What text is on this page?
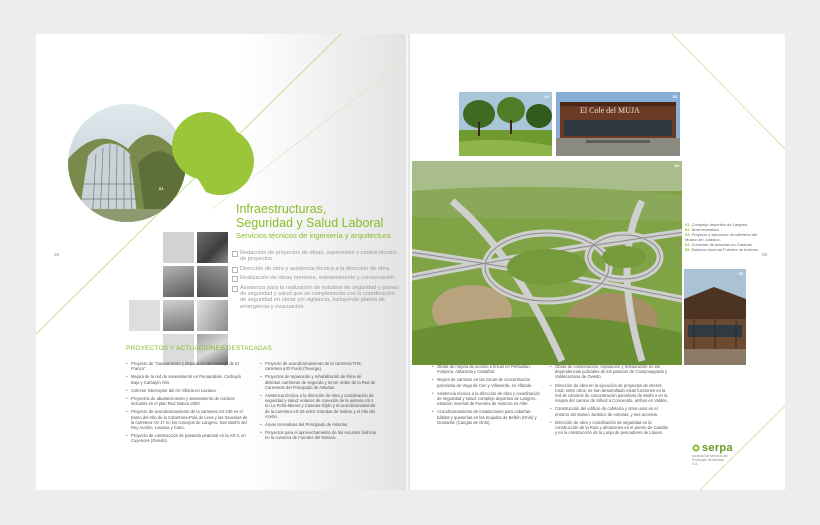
01
Infraestructuras,
Seguridad y Salud Laboral
Servicios técnicos de ingeniería y arquitectura
Redacción de proyectos de obras, supervisión y control técnico de proyectos.
Dirección de obra y asistencia técnica a la dirección de obra.
Realización de obras menores, mantenimiento y conservación.
Asistencia para la realización de estudios de seguridad y planes de seguridad y salud que se complementa con la coordinación de seguridad en obras y/o vigilancia, incluyendo planes de emergencia y evacuación.
04
PROYECTOS Y ACTUACIONES DESTACADAS
• Proyecto de "Saneamiento y depuración del concejo de El Franco".
• Mejora de la red de saneamiento en Pumarabule, Carbayín Bajo y Carbayín Alto.
• Colector interceptor del río Villoria en Laviana.
• Proyectos de abastecimiento y saneamiento de núcleos incluidos en el plan Red Natura 2000.
• Proyecto de acondicionamiento de la carretera AS-230 en el tramo del Alto de la Cobertoria-Pola de Lena y las travesías de la carretera AS-17 en los concejos de Langreo, San Martín del Rey Aurelio, Laviana y Caso.
• Proyecto de construcción de pasarela peatonal en la AS-II, en Cuyences (Oviedo).
• Proyecto de acondicionamiento de la carretera TH6, carretera a El Puelo (Teverga).
• Proyectos de reparación y rehabilitación de firme de distintas carreteras de segundo y tercer orden de la Red de Carreteras del Principado de Asturias.
• Asistencia técnica a la dirección de obra y coordinación de seguridad y salud: enlaces de conexión de la autovía AS-1 en La Peña-Mieres y Caseras-Gijón y el acondicionamiento de la carretera AS-28 entre Grandas de Salime y el Alto del Acebo.
• Áreas recreativas del Principado de Asturias.
• Proyectos para el aprovechamiento de los recursos hídricos en la comarca de Fuentes del Narcea.
02
El Cole del MUJA
03
04
01 Complejo deportivo de Langreo.
02 Área recreativa.
03 Proyecto y ejecución de cafetería del Museo del Jurásico.
04 Conexión de autovías en Caseras.
05 Estación invernal Fuentes de Invierno.
05
05
• Obras de mejora de acceso a fincas en Peñaullán, Fonjoina, Ablaneda y Castañal.
• Mejora de caminos en las zonas de concentración parcelaria de Vega de Cen y Villaverde, en Allande.
• Asistencia técnica a la dirección de obra y coordinación de seguridad y salud: complejo deportivo de Langreo, estación invernal de Fuentes de Invierno en Aller.
• Acondicionamiento de instalaciones para cabañas-hábitat y queserías en las majadas de Belbín (Onís) y Gumartini (Cangas de Onís).
• Obras de conservación, reparación y restauración en las dependencias judiciales de los palacios de Camposagrado y Valdecarzana de Oviedo.
• Dirección de obra en la ejecución de proyectos de interés rural: entre otros, se han desarrollado estas funciones en la red de caminos de concentración parcelaria de Murlá o en la mejora del camino de Siñeiz a Concenido, ambos en Valdés.
• Construcción del edificio de cafetería y otros usos en el entorno del Museo Jurásico de Asturias, y sus accesos.
• Dirección de obra y coordinación de seguridad en la construcción de la Rula y almacenes en el puerto de Candás y en la construcción de la Lonja de pescadores de Llanes.
serpa
sociedad de servicios del Principado de Asturias, S.A.
